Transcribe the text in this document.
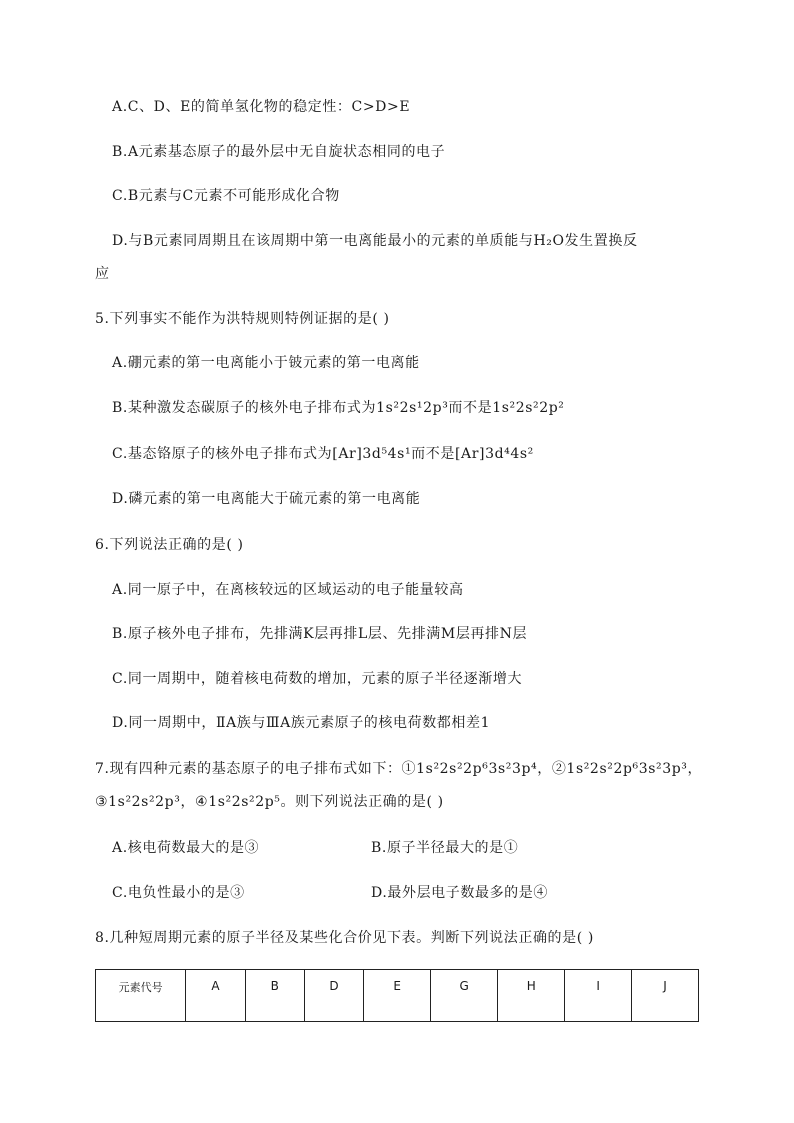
A.C、D、E的简单氢化物的稳定性：C>D>E
B.A元素基态原子的最外层中无自旋状态相同的电子
C.B元素与C元素不可能形成化合物
D.与B元素同周期且在该周期中第一电离能最小的元素的单质能与H₂O发生置换反
应
5.下列事实不能作为洪特规则特例证据的是( )
A.硼元素的第一电离能小于铍元素的第一电离能
B.某种激发态碳原子的核外电子排布式为1s²2s¹2p³而不是1s²2s²2p²
C.基态铬原子的核外电子排布式为[Ar]3d⁵4s¹而不是[Ar]3d⁴4s²
D.磷元素的第一电离能大于硫元素的第一电离能
6.下列说法正确的是( )
A.同一原子中，在离核较远的区域运动的电子能量较高
B.原子核外电子排布，先排满K层再排L层、先排满M层再排N层
C.同一周期中，随着核电荷数的增加，元素的原子半径逐渐增大
D.同一周期中，ⅡA族与ⅢA族元素原子的核电荷数都相差1
7.现有四种元素的基态原子的电子排布式如下：①1s²2s²2p⁶3s²3p⁴，②1s²2s²2p⁶3s²3p³，
③1s²2s²2p³，④1s²2s²2p⁵。则下列说法正确的是( )
A.核电荷数最大的是③	B.原子半径最大的是①
C.电负性最小的是③	D.最外层电子数最多的是④
8.几种短周期元素的原子半径及某些化合价见下表。判断下列说法正确的是( )
元素代号	A	B	D	E	G	H	I	J
